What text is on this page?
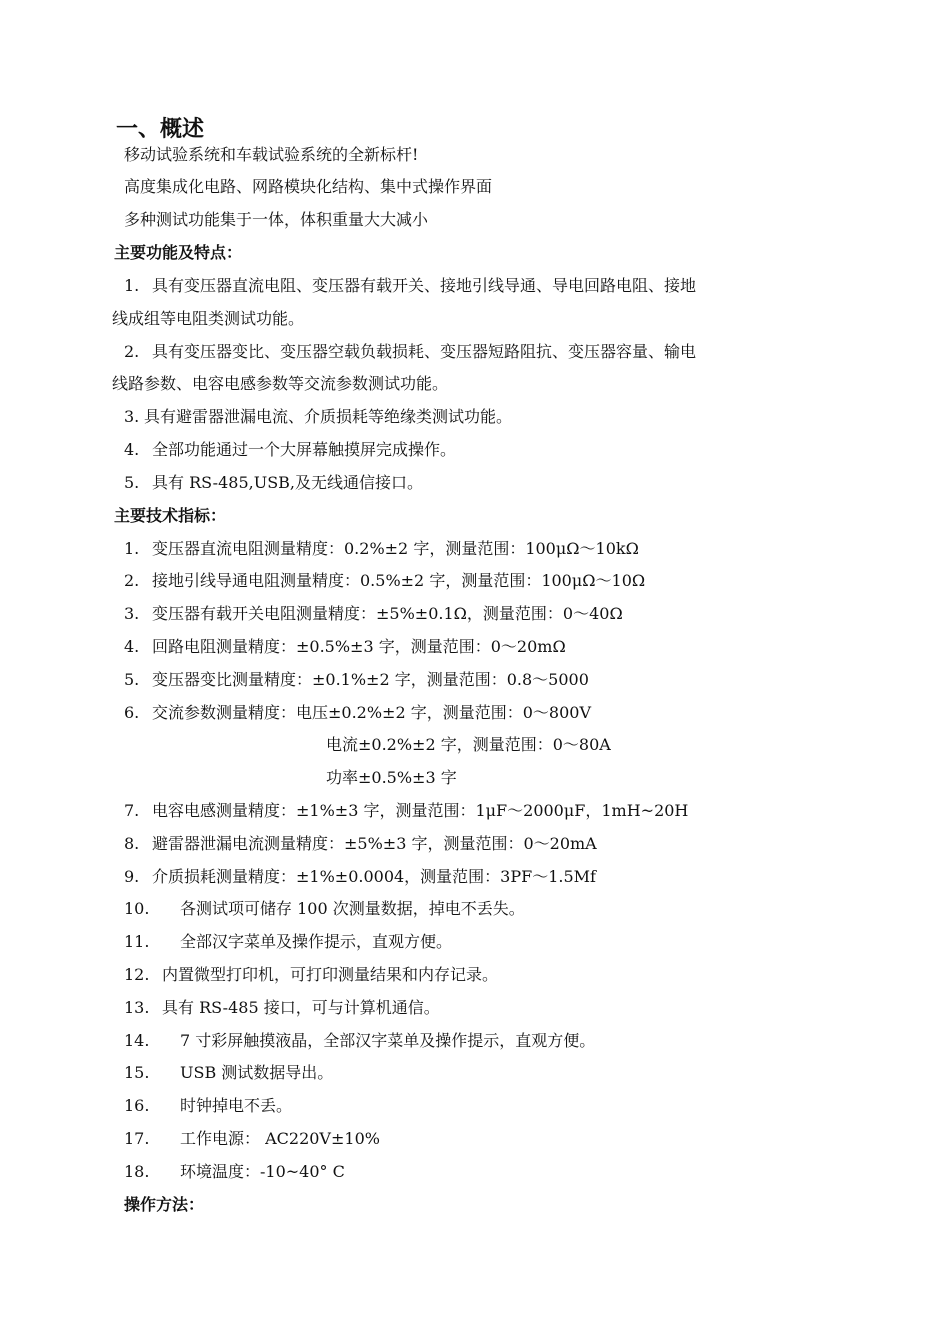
一、概述
移动试验系统和车载试验系统的全新标杆!
高度集成化电路、网路模块化结构、集中式操作界面
多种测试功能集于一体，体积重量大大减小
主要功能及特点：
1. 具有变压器直流电阻、变压器有载开关、接地引线导通、导电回路电阻、接地
线成组等电阻类测试功能。
2. 具有变压器变比、变压器空载负载损耗、变压器短路阻抗、变压器容量、输电
线路参数、电容电感参数等交流参数测试功能。
3. 具有避雷器泄漏电流、介质损耗等绝缘类测试功能。
4. 全部功能通过一个大屏幕触摸屏完成操作。
5. 具有 RS-485,USB,及无线通信接口。
主要技术指标：
1. 变压器直流电阻测量精度：0.2%±2 字，测量范围：100μΩ～10kΩ
2. 接地引线导通电阻测量精度：0.5%±2 字，测量范围：100μΩ～10Ω
3. 变压器有载开关电阻测量精度：±5%±0.1Ω，测量范围：0～40Ω
4. 回路电阻测量精度：±0.5%±3 字，测量范围：0～20mΩ
5. 变压器变比测量精度：±0.1%±2 字，测量范围：0.8～5000
6. 交流参数测量精度：电压±0.2%±2 字，测量范围：0～800V
电流±0.2%±2 字，测量范围：0～80A
功率±0.5%±3 字
7. 电容电感测量精度：±1%±3 字，测量范围：1μF～2000μF，1mH~20H
8. 避雷器泄漏电流测量精度：±5%±3 字，测量范围：0～20mA
9. 介质损耗测量精度：±1%±0.0004，测量范围：3PF～1.5Mf
10. 各测试项可储存 100 次测量数据，掉电不丢失。
11. 全部汉字菜单及操作提示，直观方便。
12. 内置微型打印机，可打印测量结果和内存记录。
13. 具有 RS-485 接口，可与计算机通信。
14. 7 寸彩屏触摸液晶，全部汉字菜单及操作提示，直观方便。
15. USB 测试数据导出。
16. 时钟掉电不丢。
17. 工作电源： AC220V±10%
18. 环境温度：-10~40° C
操作方法：
